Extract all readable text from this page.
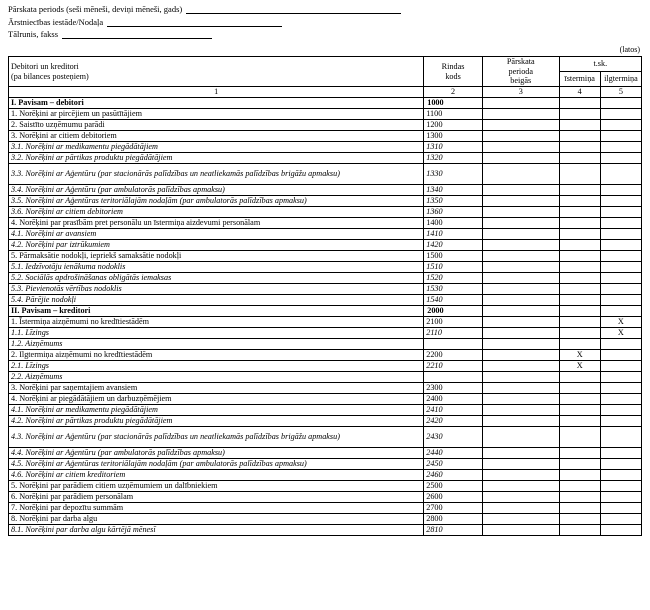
Pārskata periods (seši mēneši, deviņi mēneši, gads)
Ārstniecības iestāde/Nodaļa
Tālrunis, fakss
(latos)
Debitori un kreditori
(pa bilances posteņiem)

Rindas
kods

Pārskata
perioda
beigās
	t.sk.
			īstermiņa	ilgtermiņa
1	2	3	4	5
I. Pavisam – debitori	1000			
1. Norēķini ar pircējiem un pasūtītājiem	1100			
2. Saistīto uzņēmumu parādi	1200			
3. Norēķini ar citiem debitoriem	1300			
3.1. Norēķini ar medikamentu piegādātājiem	1310			
3.2. Norēķini ar pārtikas produktu piegādātājiem	1320			
3.3. Norēķini ar Aģentūru (par stacionārās palīdzības un neatliekamās palīdzības brigāžu apmaksu)	1330			
3.4. Norēķini ar Aģentūru (par ambulatorās palīdzības apmaksu)	1340			
3.5. Norēķini ar Aģentūras teritoriālajām nodaļām (par ambulatorās palīdzības apmaksu)	1350			
3.6. Norēķini ar citiem debitoriem	1360			
4. Norēķini par prasībām pret personālu un īstermiņa aizdevumi personālam	1400			
4.1. Norēķini ar avansiem	1410			
4.2. Norēķini par iztrūkumiem	1420			
5. Pārmaksātie nodokļi, iepriekš samaksātie nodokļi	1500			
5.1. Iedzīvotāju ienākuma nodoklis	1510			
5.2. Sociālās apdrošināšanas obligātās iemaksas	1520			
5.3. Pievienotās vērtības nodoklis	1530			
5.4. Pārējie nodokļi	1540			
II. Pavisam – kreditori	2000			
1. Īstermiņa aizņēmumi no kredītiestādēm	2100			X
1.1. Līzings	2110			X
1.2. Aizņēmums				
2. Ilgtermiņa aizņēmumi no kredītiestādēm	2200		X	
2.1. Līzings	2210		X	
2.2. Aizņēmums				
3. Norēķini par saņemtajiem avansiem	2300			
4. Norēķini ar piegādātājiem un darbuzņēmējiem	2400			
4.1. Norēķini ar medikamentu piegādātājiem	2410			
4.2. Norēķini ar pārtikas produktu piegādātājiem	2420			
4.3. Norēķini ar Aģentūru (par stacionārās palīdzības un neatliekamās palīdzības brigāžu apmaksu)	2430			
4.4. Norēķini ar Aģentūru (par ambulatorās palīdzības apmaksu)	2440			
4.5. Norēķini ar Aģentūras teritoriālajām nodaļām (par ambulatorās palīdzības apmaksu)	2450			
4.6. Norēķini ar citiem kreditoriem	2460			
5. Norēķini par parādiem citiem uzņēmumiem un dalībniekiem	2500			
6. Norēķini par parādiem personālam	2600			
7. Norēķini par depozītu summām	2700			
8. Norēķini par darba algu	2800			
8.1. Norēķini par darba algu kārtējā mēnesī	2810			
